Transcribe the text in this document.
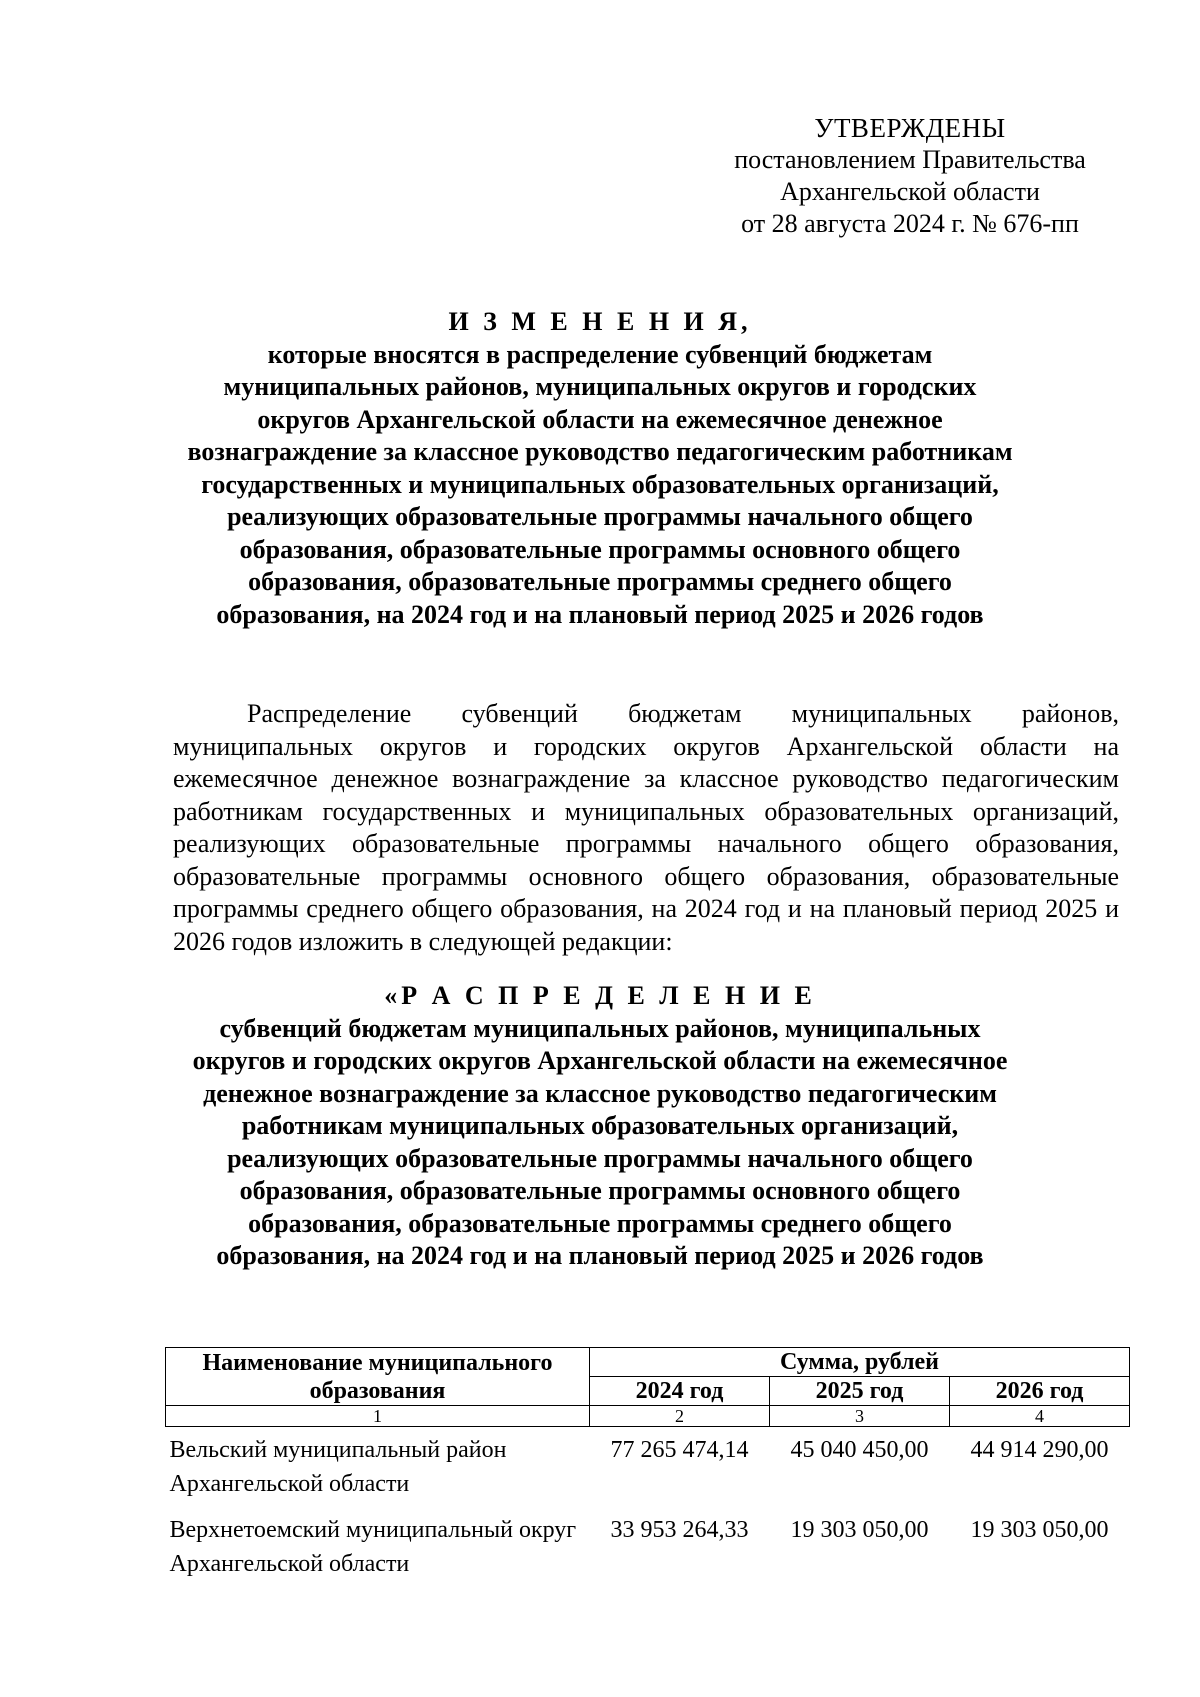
УТВЕРЖДЕНЫ
постановлением Правительства
Архангельской области
от 28 августа 2024 г. № 676-пп
И З М Е Н Е Н И Я,
которые вносятся в распределение субвенций бюджетам
муниципальных районов, муниципальных округов и городских
округов Архангельской области на ежемесячное денежное
вознаграждение за классное руководство педагогическим работникам
государственных и муниципальных образовательных организаций,
реализующих образовательные программы начального общего
образования, образовательные программы основного общего
образования, образовательные программы среднего общего
образования, на 2024 год и на плановый период 2025 и 2026 годов
Распределение субвенций бюджетам муниципальных районов, муниципальных округов и городских округов Архангельской области на ежемесячное денежное вознаграждение за классное руководство педагогическим работникам государственных и муниципальных образовательных организаций, реализующих образовательные программы начального общего образования, образовательные программы основного общего образования, образовательные программы среднего общего образования, на 2024 год и на плановый период 2025 и 2026 годов изложить в следующей редакции:
«Р А С П Р Е Д Е Л Е Н И Е
субвенций бюджетам муниципальных районов, муниципальных
округов и городских округов Архангельской области на ежемесячное
денежное вознаграждение за классное руководство педагогическим
работникам муниципальных образовательных организаций,
реализующих образовательные программы начального общего
образования, образовательные программы основного общего
образования, образовательные программы среднего общего
образования, на 2024 год и на плановый период 2025 и 2026 годов
Наименование муниципального образования	Сумма, рублей		
	2024 год	2025 год	2026 год
1	2	3	4

Вельский муниципальный район
Архангельской области	77 265 474,14	45 040 450,00	44 914 290,00

Верхнетоемский муниципальный округ
Архангельской области	33 953 264,33	19 303 050,00	19 303 050,00
